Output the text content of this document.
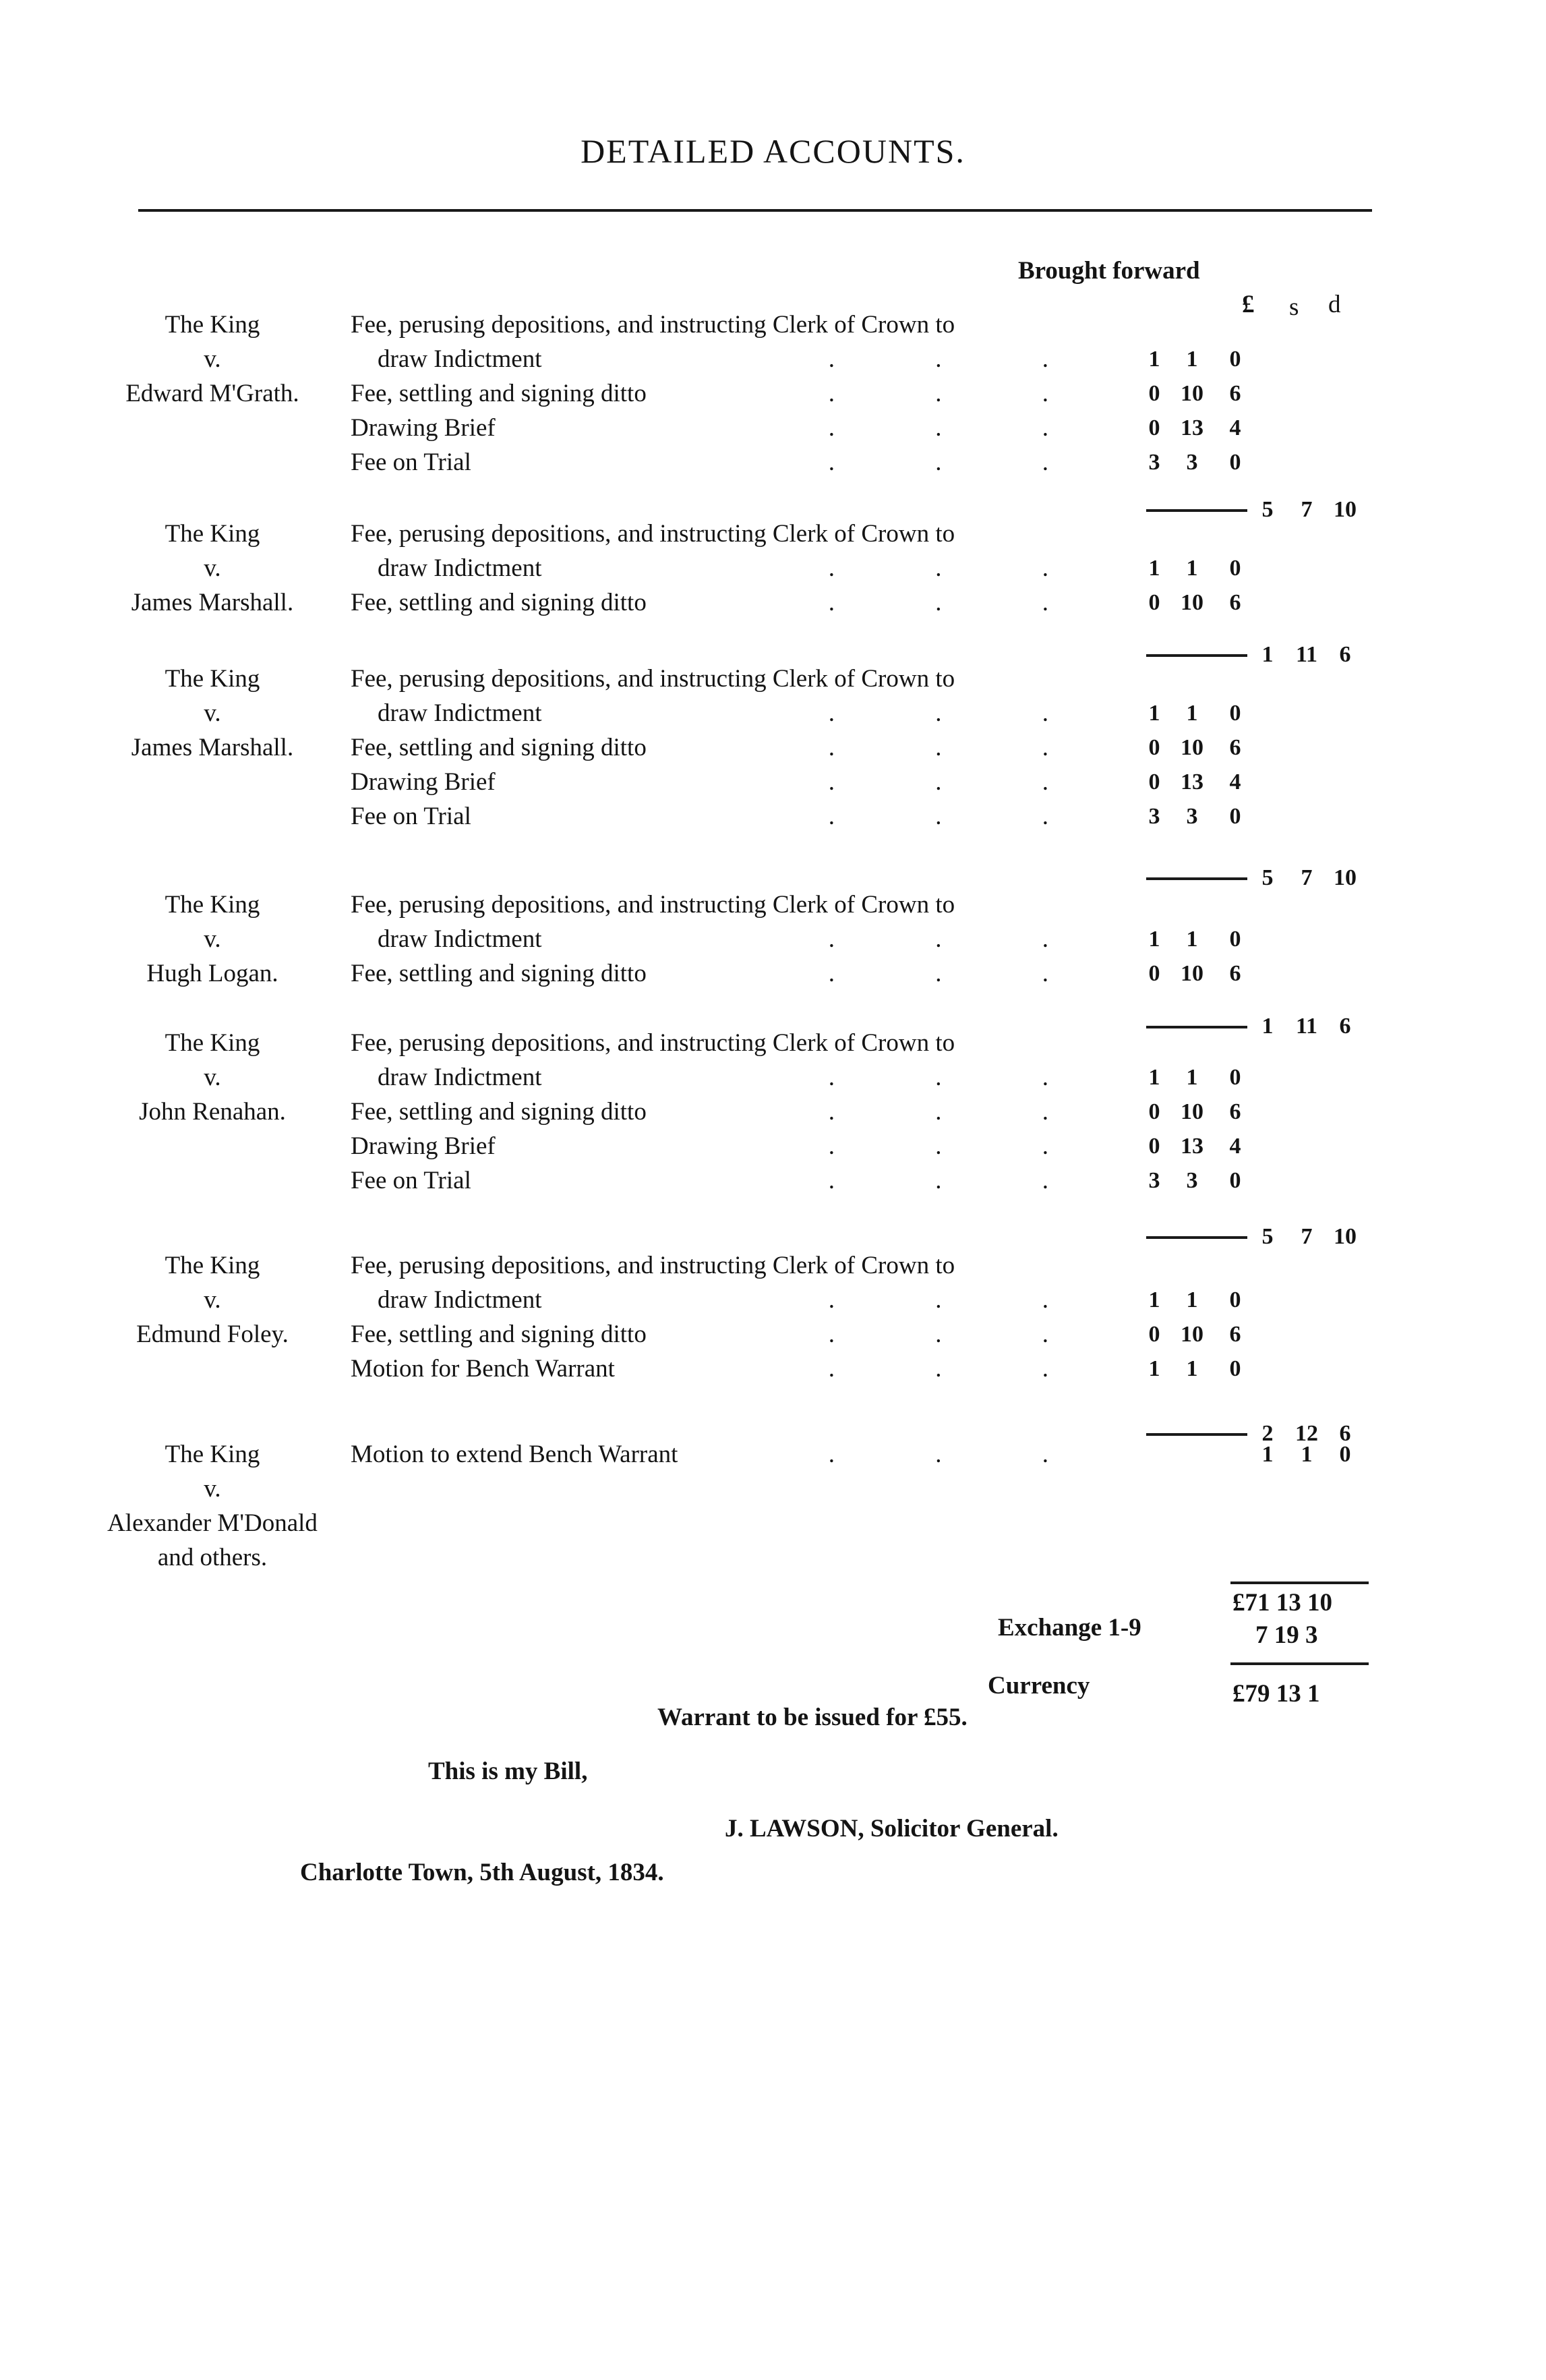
DETAILED ACCOUNTS.
Brought forward
£ s d
The King
v.
Edward M'Grath.
Fee, perusing depositions, and instructing Clerk of Crown to
draw Indictment	. . .	1	1	0
Fee, settling and signing ditto	. . .	0 10	6
Drawing Brief	. . .	0 13	4
Fee on Trial	. . .	3	3	0
5	7 10
The King
v.
James Marshall.
Fee, perusing depositions, and instructing Clerk of Crown to
draw Indictment	. . .	1	1	0
Fee, settling and signing ditto	. . .	0 10	6
1 11 6
The King
v.
James Marshall.
Fee, perusing depositions, and instructing Clerk of Crown to
draw Indictment	. . .	1	1	0
Fee, settling and signing ditto	. . .	0 10	6
Drawing Brief	. . .	0 13	4
Fee on Trial	. . .	3	3	0
5	7 10
The King
v.
Hugh Logan.
Fee, perusing depositions, and instructing Clerk of Crown to
draw Indictment	. . .	1	1	0
Fee, settling and signing ditto	. . .	0 10	6
1 11 6
The King
v.
John Renahan.
Fee, perusing depositions, and instructing Clerk of Crown to
draw Indictment	. . .	1	1	0
Fee, settling and signing ditto	. . .	0 10	6
Drawing Brief	. . .	0 13	4
Fee on Trial	. . .	3	3	0
5	7 10
The King
v.
Edmund Foley.
Fee, perusing depositions, and instructing Clerk of Crown to
draw Indictment	. . .	1	1	0
Fee, settling and signing ditto	. . .	0 10	6
Motion for Bench Warrant	. . .	1	1	0
2 12 6
The King
v.
Alexander M'Donald
and others.
Motion to extend Bench Warrant	. . .	1	1	0
£71 13 10
Exchange 1-9	7 19 3
Currency	£79 13 1
Warrant to be issued for £55.
This is my Bill,
J. LAWSON, Solicitor General.
Charlotte Town, 5th August, 1834.
